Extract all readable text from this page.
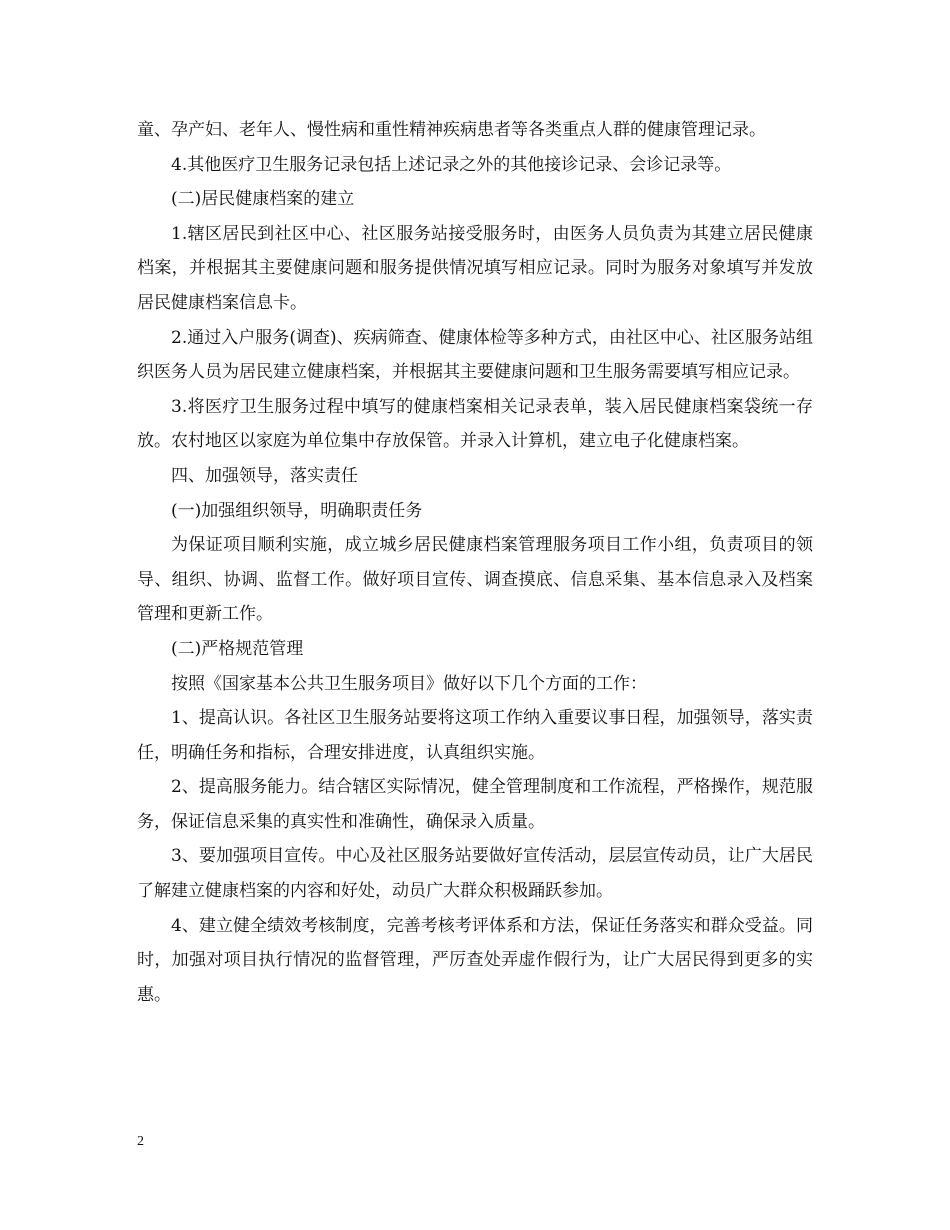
童、孕产妇、老年人、慢性病和重性精神疾病患者等各类重点人群的健康管理记录。

4.其他医疗卫生服务记录包括上述记录之外的其他接诊记录、会诊记录等。

(二)居民健康档案的建立

1.辖区居民到社区中心、社区服务站接受服务时，由医务人员负责为其建立居民健康档案，并根据其主要健康问题和服务提供情况填写相应记录。同时为服务对象填写并发放居民健康档案信息卡。

2.通过入户服务(调查)、疾病筛查、健康体检等多种方式，由社区中心、社区服务站组织医务人员为居民建立健康档案，并根据其主要健康问题和卫生服务需要填写相应记录。

3.将医疗卫生服务过程中填写的健康档案相关记录表单，装入居民健康档案袋统一存放。农村地区以家庭为单位集中存放保管。并录入计算机，建立电子化健康档案。

四、加强领导，落实责任

(一)加强组织领导，明确职责任务

为保证项目顺利实施，成立城乡居民健康档案管理服务项目工作小组，负责项目的领导、组织、协调、监督工作。做好项目宣传、调查摸底、信息采集、基本信息录入及档案管理和更新工作。

(二)严格规范管理

按照《国家基本公共卫生服务项目》做好以下几个方面的工作：

1、提高认识。各社区卫生服务站要将这项工作纳入重要议事日程，加强领导，落实责任，明确任务和指标，合理安排进度，认真组织实施。

2、提高服务能力。结合辖区实际情况，健全管理制度和工作流程，严格操作，规范服务，保证信息采集的真实性和准确性，确保录入质量。

3、要加强项目宣传。中心及社区服务站要做好宣传活动，层层宣传动员，让广大居民了解建立健康档案的内容和好处，动员广大群众积极踊跃参加。

4、建立健全绩效考核制度，完善考核考评体系和方法，保证任务落实和群众受益。同时，加强对项目执行情况的监督管理，严厉查处弄虚作假行为，让广大居民得到更多的实惠。

2
